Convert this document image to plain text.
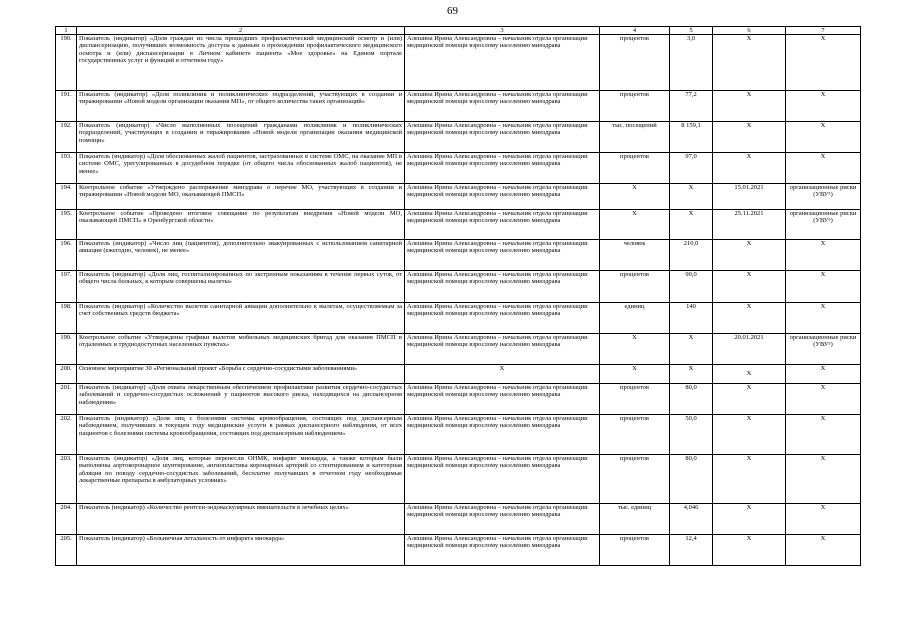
69
1	2	3	4	5	6	7
190.	Показатель (индикатор) «Доля граждан из числа прошедших профилактический медицинский осмотр и (или) диспансеризацию, получивших возможность доступа к данным о прохождении профилактического медицинского осмотра и (или) диспансеризации в Личном кабинете пациента «Мое здоровье» на Едином портале государственных услуг и функций в отчетном году»	Алешина Ирина Александровна – начальник отдела организации медицинской помощи взрослому населению минздрава	процентов	3,0	X	X
191.	Показатель (индикатор) «Доля поликлиник и поликлинических подразделений, участвующих в создании и тиражировании «Новой модели организации оказания МП», от общего количества таких организаций»	Алешина Ирина Александровна – начальник отдела организации медицинской помощи взрослому населению минздрава	процентов	77,2	X	X
192.	Показатель (индикатор) «Число выполненных посещений гражданами поликлиник и поликлинических подразделений, участвующих в создании и тиражировании «Новой модели организации оказания медицинской помощи»	Алешина Ирина Александровна – начальник отдела организации медицинской помощи взрослому населению минздрава	тыс. посещений	8 159,1	X	X
193.	Показатель (индикатор) «Доля обоснованных жалоб пациентов, застрахованных в системе ОМС, на оказание МП в системе ОМС, урегулированных в досудебном порядке (от общего числа обоснованных жалоб пациентов), не менее»	Алешина Ирина Александровна – начальник отдела организации медицинской помощи взрослому населению минздрава	процентов	97,0	X	X
194.	Контрольное событие «Утверждено распоряжение минздрава о перечне МО, участвующих в создании и тиражировании «Новой модели МО, оказывающей ПМСП»	Алешина Ирина Александровна – начальник отдела организации медицинской помощи взрослому населению минздрава	X	X	15.01.2021	организационные риски (УВУ⁵)
195.	Контрольное событие «Проведено итоговое совещание по результатам внедрения «Новой модели МО, оказывающей ПМСП» в Оренбургской области»	Алешина Ирина Александровна – начальник отдела организации медицинской помощи взрослому населению минздрава	X	X	25.11.2021	организационные риски (УВУ⁵)
196.	Показатель (индикатор) «Число лиц (пациентов), дополнительно эвакуированных с использованием санитарной авиации (ежегодно, человек), не менее»	Алешина Ирина Александровна – начальник отдела организации медицинской помощи взрослому населению минздрава	человек	210,0	X	X
197.	Показатель (индикатор) «Доля лиц, госпитализированных по экстренным показаниям в течение первых суток, от общего числа больных, к которым совершены вылеты»	Алешина Ирина Александровна – начальник отдела организации медицинской помощи взрослому населению минздрава	процентов	90,0	X	X
198.	Показатель (индикатор) «Количество вылетов санитарной авиации дополнительно к вылетам, осуществляемым за счет собственных средств бюджета»	Алешина Ирина Александровна – начальник отдела организации медицинской помощи взрослому населению минздрава	единиц	140	X	X
199.	Контрольное событие «Утверждены графики вылетов мобильных медицинских бригад для оказания ПМСП в отдаленных и труднодоступных населенных пунктах»	Алешина Ирина Александровна – начальник отдела организации медицинской помощи взрослому населению минздрава	X	X	20.01.2021	организационные риски (УВУ⁵)
200.	Основное мероприятие 30 «Региональный проект «Борьба с сердечно-сосудистыми заболеваниями»	X	X	X	X	X
201.	Показатель (индикатор) «Доля охвата лекарственным обеспечением профилактики развития сердечно-сосудистых заболеваний и сердечно-сосудистых осложнений у пациентов высокого риска, находящихся на диспансерном наблюдении»	Алешина Ирина Александровна – начальник отдела организации медицинской помощи взрослому населению минздрава	процентов	80,0	X	X
202.	Показатель (индикатор) «Доля лиц с болезнями системы кровообращения, состоящих под диспансерным наблюдением, получивших в текущем году медицинские услуги в рамках диспансерного наблюдения, от всех пациентов с болезнями системы кровообращения, состоящих под диспансерным наблюдением»	Алешина Ирина Александровна – начальник отдела организации медицинской помощи взрослому населению минздрава	процентов	50,0	X	X
203.	Показатель (индикатор) «Доля лиц, которые перенесли ОНМК, инфаркт миокарда, а также которым были выполнены аортокоронарное шунтирование, ангиопластика коронарных артерий со стентированием и катетерная абляция по поводу сердечно-сосудистых заболеваний, бесплатно получавших в отчетном году необходимые лекарственные препараты в амбулаторных условиях»	Алешина Ирина Александровна – начальник отдела организации медицинской помощи взрослому населению минздрава	процентов	80,0	X	X
204.	Показатель (индикатор) «Количество рентген-эндоваскулярных вмешательств в лечебных целях»	Алешина Ирина Александровна – начальник отдела организации медицинской помощи взрослому населению минздрава	тыс. единиц	4,046	X	X
205.	Показатель (индикатор) «Больничная летальность от инфаркта миокарда»	Алешина Ирина Александровна – начальник отдела организации медицинской помощи взрослому населению минздрава	процентов	12,4	X	X
